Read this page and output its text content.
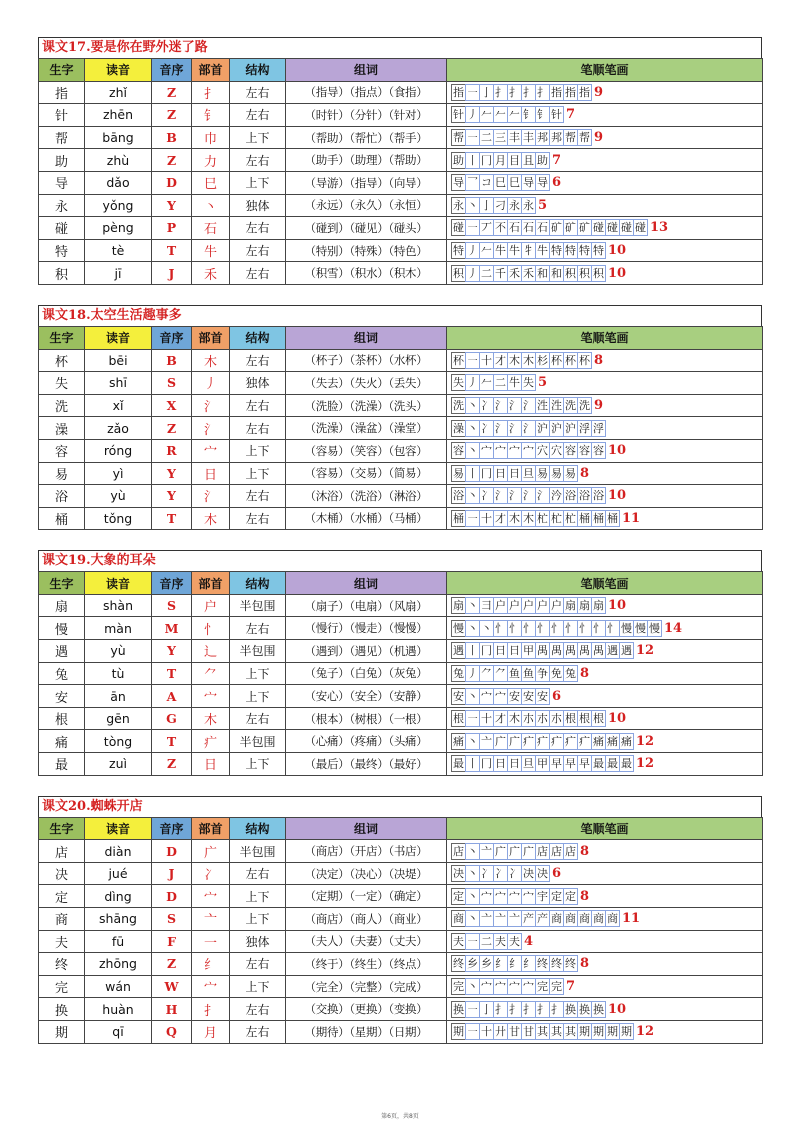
课文17.要是你在野外迷了路
生字	读音	音序	部首	结构	组词	笔顺笔画
指	zhǐ	Z	扌	左右	（指导）（指点）（食指）	指 ㇐ 亅 扌 扌 扌 扌 指 指 指 9
针	zhēn	Z	钅	左右	（时针）（分针）（针对）	针 丿 𠂉 𠂉 𠂉 钅 钅 针 7
帮	bāng	B	巾	上下	（帮助）（帮忙）（帮手）	帮 ㇐ 二 三 丰 丰 邦 邦 帮 帮 9
助	zhù	Z	力	左右	（助手）（助理）（帮助）	助 丨 冂 月 目 且 助 7
导	dǎo	D	巳	上下	（导游）（指导）（向导）	导 乛 コ 巳 巳 导 导 6
永	yǒng	Y	丶	独体	（永远）（永久）（永恒）	永 丶 亅 刁 永 永 5
碰	pèng	P	石	左右	（碰到）（碰见）（碰头）	碰 ㇐ 丆 不 石 石 石 矿 矿 矿 碰 碰 碰 碰 13
特	tè	T	牛	左右	（特别）（特殊）（特色）	特 丿 𠂉 牛 牛 牜 牛 特 特 特 特 10
积	jī	J	禾	左右	（积雪）（积水）（积木）	积 丿 二 千 禾 禾 和 和 积 积 积 10
课文18.太空生活趣事多
生字	读音	音序	部首	结构	组词	笔顺笔画
杯	bēi	B	木	左右	（杯子）（茶杯）（水杯）	杯 ㇐ 十 才 木 木 杉 杯 杯 杯 8
失	shī	S	丿	独体	（失去）（失火）（丢失）	失 丿 𠂉 二 牛 失 5
洗	xǐ	X	氵	左右	（洗脸）（洗澡）（洗头）	洗 丶 冫 氵 氵 氵 泩 泩 洗 洗 9
澡	zǎo	Z	氵	左右	（洗澡）（澡盆）（澡堂）	澡 丶 冫 氵 氵 氵 沪 沪 沪 浮 浮
容	róng	R	宀	上下	（容易）（笑容）（包容）	容 丶 宀 宀 宀 宀 穴 穴 容 容 容 10
易	yì	Y	日	上下	（容易）（交易）（简易）	易 丨 冂 日 日 旦 易 易 易 8
浴	yù	Y	氵	左右	（沐浴）（洗浴）（淋浴）	浴 丶 冫 氵 氵 氵 氵 汵 浴 浴 浴 10
桶	tǒng	T	木	左右	（木桶）（水桶）（马桶）	桶 ㇐ 十 才 木 木 杧 杧 杧 桶 桶 桶 11
课文19.大象的耳朵
生字	读音	音序	部首	结构	组词	笔顺笔画
扇	shàn	S	户	半包围	（扇子）（电扇）（风扇）	扇 丶 彐 户 户 户 户 户 扇 扇 扇 10
慢	màn	M	忄	左右	（慢行）（慢走）（慢慢）	慢 丶 丶 忄 忄 忄 忄 忄 忄 忄 忄 忄 慢 慢 慢 14
遇	yù	Y	辶	半包围	（遇到）（遇见）（机遇）	遇 丨 冂 日 日 甲 禺 禺 禺 禺 禺 遇 遇 12
兔	tù	T	⺈	上下	（兔子）（白兔）（灰兔）	兔 丿 ⺈ ⺈ 鱼 鱼 争 免 兔 8
安	ān	A	宀	上下	（安心）（安全）（安静）	安 丶 宀 宀 安 安 安 6
根	gēn	G	木	左右	（根本）（树根）（一根）	根 ㇐ 十 才 木 朩 朩 朩 根 根 根 10
痛	tòng	T	疒	半包围	（心痛）（疼痛）（头痛）	痛 丶 亠 广 广 疒 疒 疒 疒 疒 痛 痛 痛 12
最	zuì	Z	日	上下	（最后）（最终）（最好）	最 丨 冂 日 日 旦 甲 早 早 早 最 最 最 12
课文20.蜘蛛开店
生字	读音	音序	部首	结构	组词	笔顺笔画
店	diàn	D	广	半包围	（商店）（开店）（书店）	店 丶 亠 广 广 广 店 店 店 8
决	jué	J	冫	左右	（决定）（决心）（决堤）	决 丶 冫 冫 冫 决 决 6
定	dìng	D	宀	上下	（定期）（一定）（确定）	定 丶 宀 宀 宀 宀 宇 定 定 8
商	shāng	S	亠	上下	（商店）（商人）（商业）	商 丶 亠 亠 亠 产 产 商 商 商 商 商 11
夫	fū	F	一	独体	（夫人）（夫妻）（丈夫）	夫 ㇐ 二 夫 夫 4
终	zhōng	Z	纟	左右	（终于）（终生）（终点）	终 乡 乡 纟 纟 纟 终 终 终 8
完	wán	W	宀	上下	（完全）（完整）（完成）	完 丶 宀 宀 宀 宀 完 完 7
换	huàn	H	扌	左右	（交换）（更换）（变换）	换 ㇐ 亅 扌 扌 扌 扌 扌 换 换 换 10
期	qī	Q	月	左右	（期待）（星期）（日期）	期 ㇐ 十 廾 甘 甘 其 其 其 期 期 期 期 12
第6页，共8页
